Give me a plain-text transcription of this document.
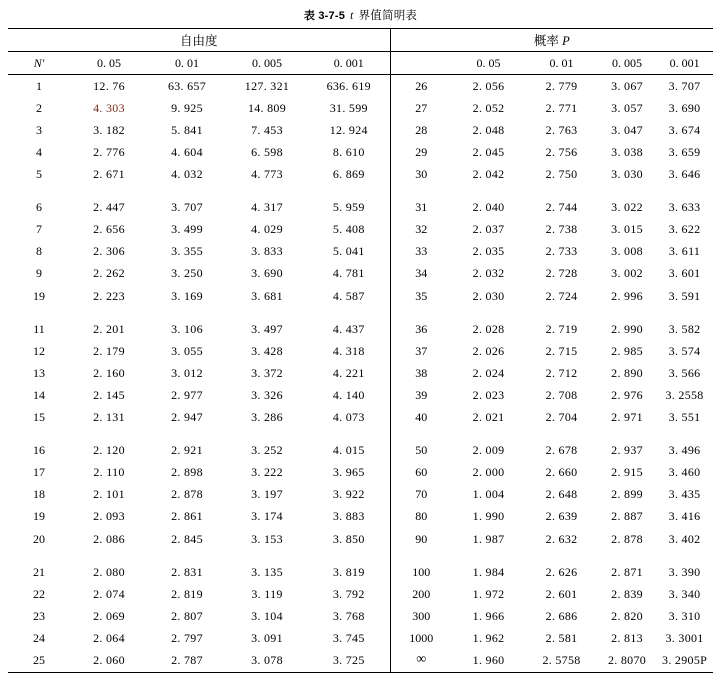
表 3-7-5 t 界值简明表
自由度					概率 P				
N'	0. 05	0. 01	0. 005	0. 001		0. 05	0. 01	0. 005	0. 001
1	12. 76	63. 657	127. 321	636. 619	26	2. 056	2. 779	3. 067	3. 707
2	4. 303	9. 925	14. 809	31. 599	27	2. 052	2. 771	3. 057	3. 690
3	3. 182	5. 841	7. 453	12. 924	28	2. 048	2. 763	3. 047	3. 674
4	2. 776	4. 604	6. 598	8. 610	29	2. 045	2. 756	3. 038	3. 659
5	2. 671	4. 032	4. 773	6. 869	30	2. 042	2. 750	3. 030	3. 646

6	2. 447	3. 707	4. 317	5. 959	31	2. 040	2. 744	3. 022	3. 633
7	2. 656	3. 499	4. 029	5. 408	32	2. 037	2. 738	3. 015	3. 622
8	2. 306	3. 355	3. 833	5. 041	33	2. 035	2. 733	3. 008	3. 611
9	2. 262	3. 250	3. 690	4. 781	34	2. 032	2. 728	3. 002	3. 601
19	2. 223	3. 169	3. 681	4. 587	35	2. 030	2. 724	2. 996	3. 591

11	2. 201	3. 106	3. 497	4. 437	36	2. 028	2. 719	2. 990	3. 582
12	2. 179	3. 055	3. 428	4. 318	37	2. 026	2. 715	2. 985	3. 574
13	2. 160	3. 012	3. 372	4. 221	38	2. 024	2. 712	2. 890	3. 566
14	2. 145	2. 977	3. 326	4. 140	39	2. 023	2. 708	2. 976	3. 2558
15	2. 131	2. 947	3. 286	4. 073	40	2. 021	2. 704	2. 971	3. 551

16	2. 120	2. 921	3. 252	4. 015	50	2. 009	2. 678	2. 937	3. 496
17	2. 110	2. 898	3. 222	3. 965	60	2. 000	2. 660	2. 915	3. 460
18	2. 101	2. 878	3. 197	3. 922	70	1. 004	2. 648	2. 899	3. 435
19	2. 093	2. 861	3. 174	3. 883	80	1. 990	2. 639	2. 887	3. 416
20	2. 086	2. 845	3. 153	3. 850	90	1. 987	2. 632	2. 878	3. 402

21	2. 080	2. 831	3. 135	3. 819	100	1. 984	2. 626	2. 871	3. 390
22	2. 074	2. 819	3. 119	3. 792	200	1. 972	2. 601	2. 839	3. 340
23	2. 069	2. 807	3. 104	3. 768	300	1. 966	2. 686	2. 820	3. 310
24	2. 064	2. 797	3. 091	3. 745	1000	1. 962	2. 581	2. 813	3. 3001
25	2. 060	2. 787	3. 078	3. 725	∞	1. 960	2. 5758	2. 8070	3. 2905P
